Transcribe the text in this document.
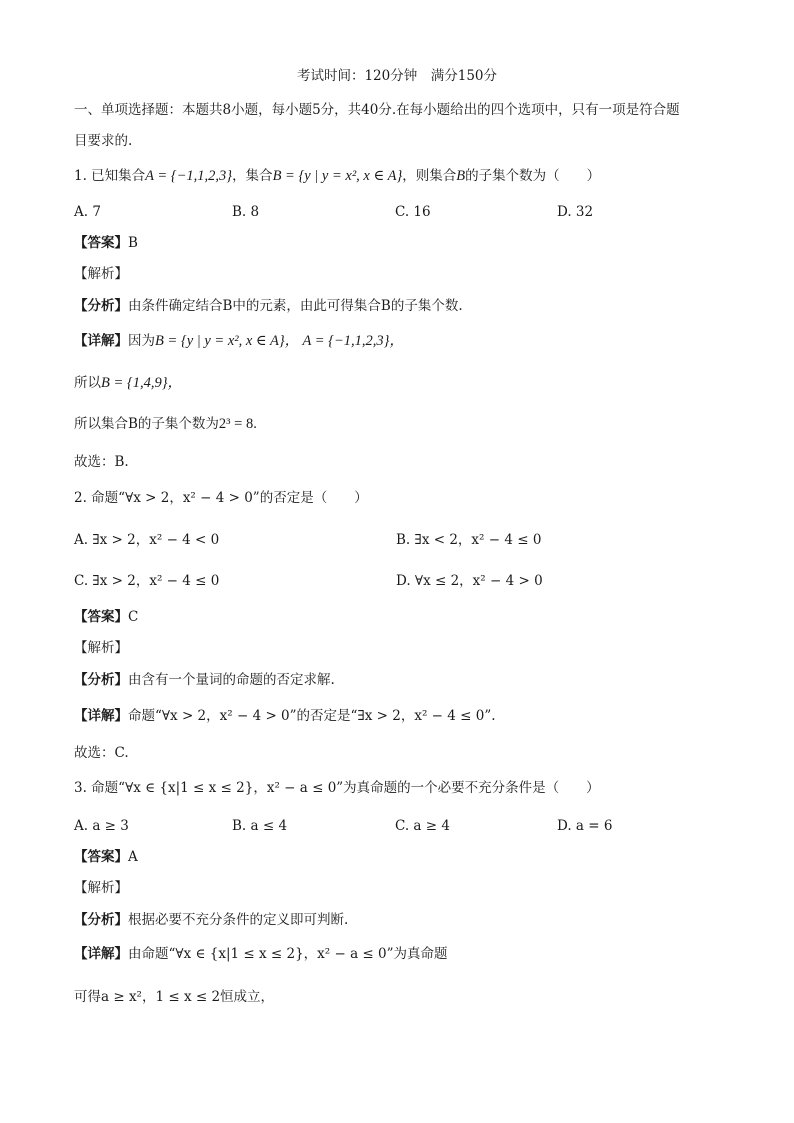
考试时间：120分钟　满分150分
一、单项选择题：本题共8小题，每小题5分，共40分.在每小题给出的四个选项中，只有一项是符合题
目要求的.
1. 已知集合A = {−1,1,2,3}，集合B = {y | y = x², x ∈ A}，则集合B的子集个数为（　　）
A. 7	B. 8	C. 16	D. 32
【答案】B
【解析】
【分析】由条件确定结合B中的元素，由此可得集合B的子集个数.
【详解】因为B = {y | y = x², x ∈ A}， A = {−1,1,2,3}，
所以B = {1,4,9}，
所以集合B的子集个数为2³ = 8.
故选：B.
2. 命题“∀x > 2，x² − 4 > 0”的否定是（　　）
A. ∃x > 2，x² − 4 < 0	B. ∃x < 2，x² − 4 ≤ 0
C. ∃x > 2，x² − 4 ≤ 0	D. ∀x ≤ 2，x² − 4 > 0
【答案】C
【解析】
【分析】由含有一个量词的命题的否定求解.
【详解】命题“∀x > 2，x² − 4 > 0”的否定是“∃x > 2，x² − 4 ≤ 0”.
故选：C.
3. 命题“∀x ∈ {x|1 ≤ x ≤ 2}，x² − a ≤ 0”为真命题的一个必要不充分条件是（　　）
A. a ≥ 3	B. a ≤ 4	C. a ≥ 4	D. a = 6
【答案】A
【解析】
【分析】根据必要不充分条件的定义即可判断.
【详解】由命题“∀x ∈ {x|1 ≤ x ≤ 2}，x² − a ≤ 0”为真命题
可得a ≥ x²，1 ≤ x ≤ 2恒成立，
